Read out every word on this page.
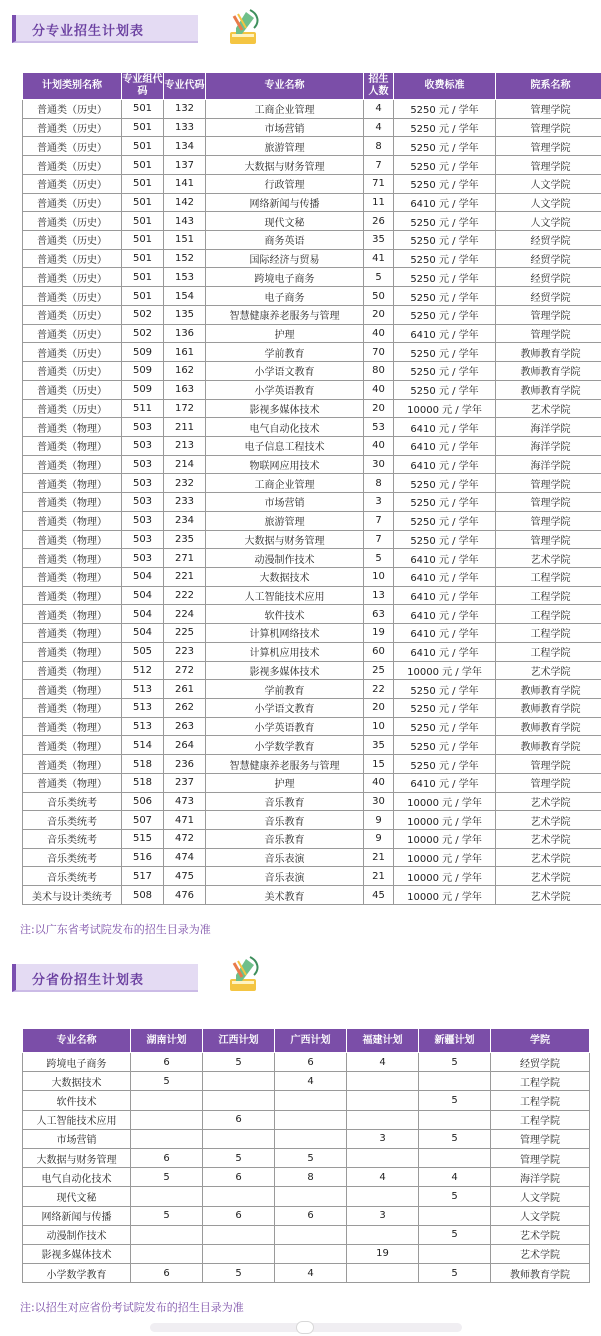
分专业招生计划表
计划类别名称	专业组代码	专业代码	专业名称	招生人数	收费标准	院系名称
普通类（历史）	501	132	工商企业管理	4	5250 元 / 学年	管理学院
普通类（历史）	501	133	市场营销	4	5250 元 / 学年	管理学院
普通类（历史）	501	134	旅游管理	8	5250 元 / 学年	管理学院
普通类（历史）	501	137	大数据与财务管理	7	5250 元 / 学年	管理学院
普通类（历史）	501	141	行政管理	71	5250 元 / 学年	人文学院
普通类（历史）	501	142	网络新闻与传播	11	6410 元 / 学年	人文学院
普通类（历史）	501	143	现代文秘	26	5250 元 / 学年	人文学院
普通类（历史）	501	151	商务英语	35	5250 元 / 学年	经贸学院
普通类（历史）	501	152	国际经济与贸易	41	5250 元 / 学年	经贸学院
普通类（历史）	501	153	跨境电子商务	5	5250 元 / 学年	经贸学院
普通类（历史）	501	154	电子商务	50	5250 元 / 学年	经贸学院
普通类（历史）	502	135	智慧健康养老服务与管理	20	5250 元 / 学年	管理学院
普通类（历史）	502	136	护理	40	6410 元 / 学年	管理学院
普通类（历史）	509	161	学前教育	70	5250 元 / 学年	教师教育学院
普通类（历史）	509	162	小学语文教育	80	5250 元 / 学年	教师教育学院
普通类（历史）	509	163	小学英语教育	40	5250 元 / 学年	教师教育学院
普通类（历史）	511	172	影视多媒体技术	20	10000 元 / 学年	艺术学院
普通类（物理）	503	211	电气自动化技术	53	6410 元 / 学年	海洋学院
普通类（物理）	503	213	电子信息工程技术	40	6410 元 / 学年	海洋学院
普通类（物理）	503	214	物联网应用技术	30	6410 元 / 学年	海洋学院
普通类（物理）	503	232	工商企业管理	8	5250 元 / 学年	管理学院
普通类（物理）	503	233	市场营销	3	5250 元 / 学年	管理学院
普通类（物理）	503	234	旅游管理	7	5250 元 / 学年	管理学院
普通类（物理）	503	235	大数据与财务管理	7	5250 元 / 学年	管理学院
普通类（物理）	503	271	动漫制作技术	5	6410 元 / 学年	艺术学院
普通类（物理）	504	221	大数据技术	10	6410 元 / 学年	工程学院
普通类（物理）	504	222	人工智能技术应用	13	6410 元 / 学年	工程学院
普通类（物理）	504	224	软件技术	63	6410 元 / 学年	工程学院
普通类（物理）	504	225	计算机网络技术	19	6410 元 / 学年	工程学院
普通类（物理）	505	223	计算机应用技术	60	6410 元 / 学年	工程学院
普通类（物理）	512	272	影视多媒体技术	25	10000 元 / 学年	艺术学院
普通类（物理）	513	261	学前教育	22	5250 元 / 学年	教师教育学院
普通类（物理）	513	262	小学语文教育	20	5250 元 / 学年	教师教育学院
普通类（物理）	513	263	小学英语教育	10	5250 元 / 学年	教师教育学院
普通类（物理）	514	264	小学数学教育	35	5250 元 / 学年	教师教育学院
普通类（物理）	518	236	智慧健康养老服务与管理	15	5250 元 / 学年	管理学院
普通类（物理）	518	237	护理	40	6410 元 / 学年	管理学院
音乐类统考	506	473	音乐教育	30	10000 元 / 学年	艺术学院
音乐类统考	507	471	音乐教育	9	10000 元 / 学年	艺术学院
音乐类统考	515	472	音乐教育	9	10000 元 / 学年	艺术学院
音乐类统考	516	474	音乐表演	21	10000 元 / 学年	艺术学院
音乐类统考	517	475	音乐表演	21	10000 元 / 学年	艺术学院
美术与设计类统考	508	476	美术教育	45	10000 元 / 学年	艺术学院
注:以广东省考试院发布的招生目录为准
分省份招生计划表
专业名称	湖南计划	江西计划	广西计划	福建计划	新疆计划	学院
跨境电子商务	6	5	6	4	5	经贸学院
大数据技术	5		4			工程学院
软件技术					5	工程学院
人工智能技术应用		6				工程学院
市场营销				3	5	管理学院
大数据与财务管理	6	5	5			管理学院
电气自动化技术	5	6	8	4	4	海洋学院
现代文秘					5	人文学院
网络新闻与传播	5	6	6	3		人文学院
动漫制作技术					5	艺术学院
影视多媒体技术				19		艺术学院
小学数学教育	6	5	4		5	教师教育学院
注:以招生对应省份考试院发布的招生目录为准
